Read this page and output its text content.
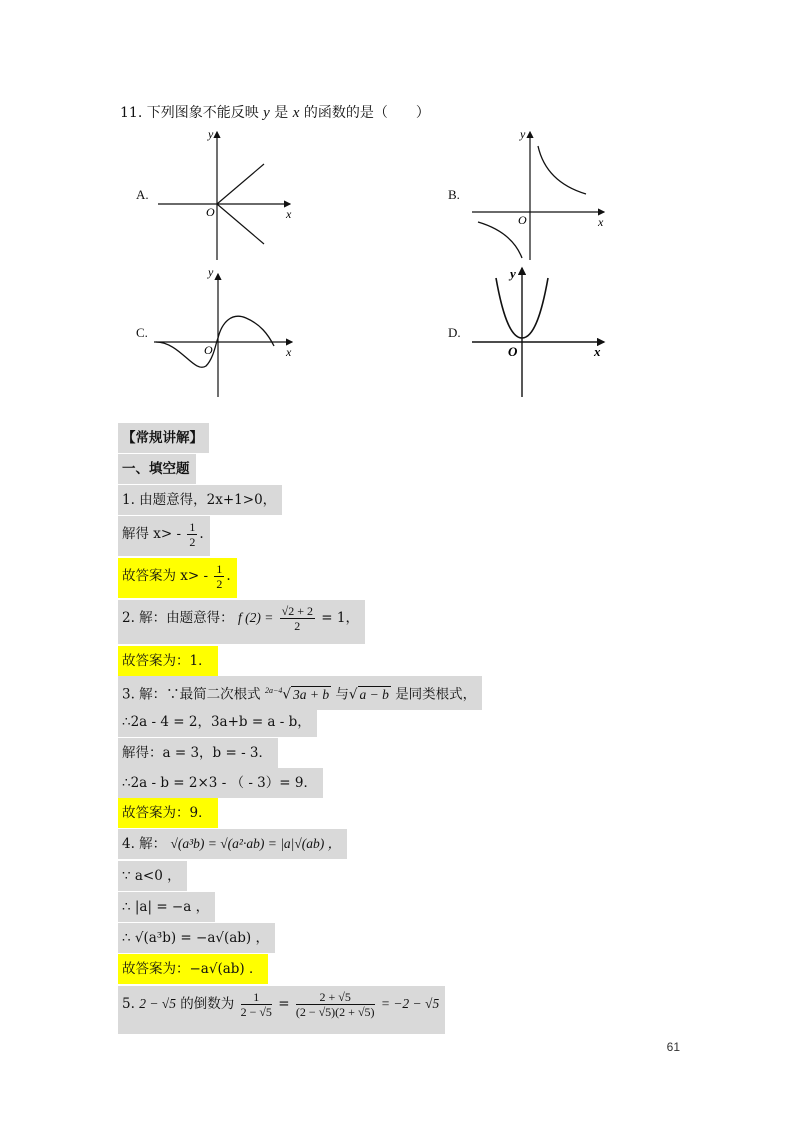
11. 下列图象不能反映 y 是 x 的函数的是（　　）
A.	B.
C.	D.
y
x
O
y
x
O
y
x
O
y
x
O
【常规讲解】
一、填空题
1. 由题意得，2x+1>0，
解得 $x> - \frac{1}{2}$ .
故答案为 $x> - \frac{1}{2}$ .
2. 解：由题意得： f $(2) = \frac{√2 + 2}{2} = 1$，
故答案为：1．
3. 解：∵最简二次根式 $^{2a-4}$√ 3a + b 与√ a − b 是同类根式，
∴2a - 4 = 2，3a+b = a - b，
解得：a = 3，b = - 3．
∴2a - b = 2×3 - （ - 3）= 9．
故答案为：9．
4. 解： √(a³b) = √(a²·ab) = |a|√(ab) ，
∵ a<0 ，
∴ |a| = −a ，
∴ √(a³b) = −a√(ab) ，
故答案为：−a√(ab) ．
5. 2 − √5 的倒数为 $\frac{1}{2 - √5} = \frac{2 + √5}{(2 - √5)(2 + √5)} = -2 - √5$
61
